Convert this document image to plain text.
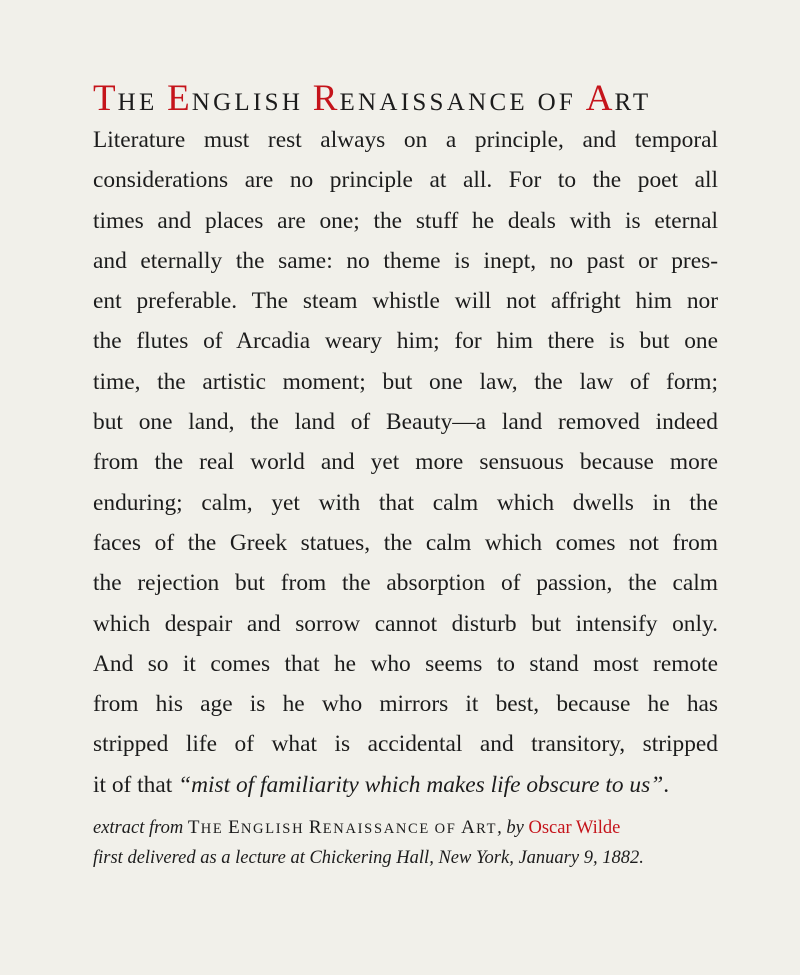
THE ENGLISH RENAISSANCE OF ART
Literature must rest always on a principle, and temporal
considerations are no principle at all. For to the poet all
times and places are one; the stuff he deals with is eternal
and eternally the same: no theme is inept, no past or pres-
ent preferable. The steam whistle will not affright him nor
the flutes of Arcadia weary him; for him there is but one
time, the artistic moment; but one law, the law of form;
but one land, the land of Beauty—a land removed indeed
from the real world and yet more sensuous because more
enduring; calm, yet with that calm which dwells in the
faces of the Greek statues, the calm which comes not from
the rejection but from the absorption of passion, the calm
which despair and sorrow cannot disturb but intensify only.
And so it comes that he who seems to stand most remote
from his age is he who mirrors it best, because he has
stripped life of what is accidental and transitory, stripped
it of that “mist of familiarity which makes life obscure to us”.
extract from THE ENGLISH RENAISSANCE OF ART, by Oscar Wilde
first delivered as a lecture at Chickering Hall, New York, January 9, 1882.
